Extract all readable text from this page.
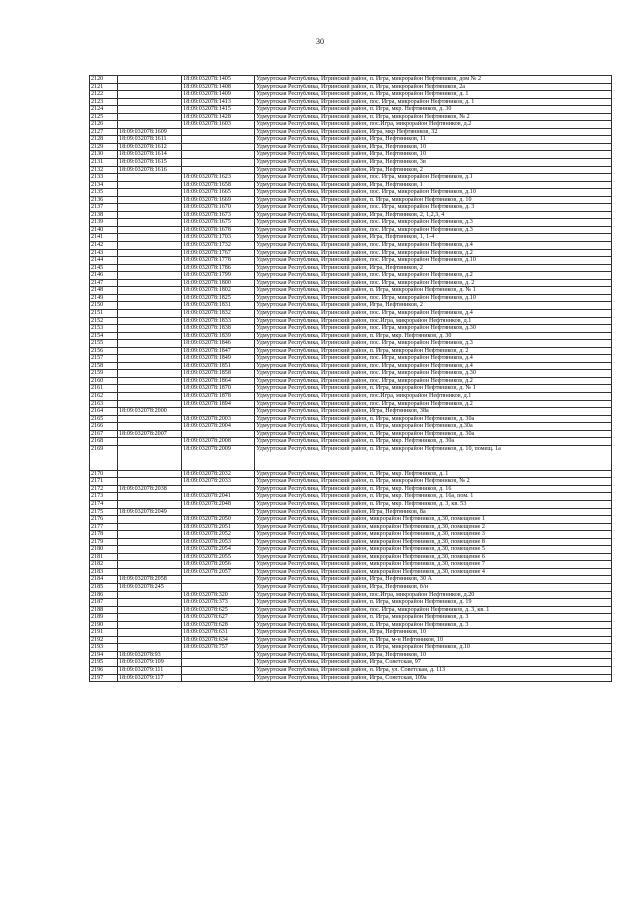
30
2120		18:09:032078:1405	Удмуртская Республика, Игринский район, п. Игра, микрорайон Нефтяников, дом № 2
2121		18:09:032078:1408	Удмуртская Республика, Игринский район, п. Игра, микрорайон Нефтяников, 2а
2122		18:09:032078:1409	Удмуртская Республика, Игринский район, п. Игра, микрорайон Нефтяников, д. 1
2123		18:09:032078:1413	Удмуртская Республика, Игринский район, пос. Игра, микрорайон Нефтяников, д. 1
2124		18:09:032078:1415	Удмуртская Республика, Игринский район, п. Игра, мкр. Нефтяников, д. 30
2125		18:09:032078:1428	Удмуртская Республика, Игринский район, п. Игра, микрорайон Нефтяников, № 2
2126		18:09:032078:1603	Удмуртская Республика, Игринский район, пос.Игра, микрорайон Нефтяников, д.2
2127	18:09:032078:1609		Удмуртская Республика, Игринский район, Игра, мкр Нефтяников, 32
2128	18:09:032078:1611		Удмуртская Республика, Игринский район, Игра, Нефтяников, 11
2129	18:09:032078:1612		Удмуртская Республика, Игринский район, Игра, Нефтяников, 10
2130	18:09:032078:1614		Удмуртская Республика, Игринский район, Игра, Нефтяников, 10
2131	18:09:032078:1615		Удмуртская Республика, Игринский район, Игра, Нефтяников, 3в
2132	18:09:032078:1616		Удмуртская Республика, Игринский район, Игра, Нефтяников, 2
2133		18:09:032078:1623	Удмуртская Республика, Игринский район, пос. Игра, микрорайон Нефтяников, д.1
2134		18:09:032078:1658	Удмуртская Республика, Игринский район, Игра, Нефтяников, 1
2135		18:09:032078:1665	Удмуртская Республика, Игринский район, пос. Игра, микрорайон Нефтяников, д.10
2136		18:09:032078:1669	Удмуртская Республика, Игринский район, п. Игра, микрорайон Нефтяников, д. 10
2137		18:09:032078:1670	Удмуртская Республика, Игринский район, пос. Игра, микрорайон Нефтяников, д. 3
2138		18:09:032078:1673	Удмуртская Республика, Игринский район, Игра, Нефтяников, 2, 1,2,3, 4
2139		18:09:032078:1675	Удмуртская Республика, Игринский район, пос. Игра, микрорайон Нефтяников, д.3
2140		18:09:032078:1678	Удмуртская Республика, Игринский район, пос. Игра, микрорайон Нефтяников, д.3
2141		18:09:032078:1703	Удмуртская Республика, Игринский район, Игра, Нефтяников, 1, 1-4
2142		18:09:032078:1732	Удмуртская Республика, Игринский район, пос. Игра, микрорайон Нефтяников, д.4
2143		18:09:032078:1767	Удмуртская Республика, Игринский район, пос. Игра, микрорайон Нефтяников, д.2
2144		18:09:032078:1778	Удмуртская Республика, Игринский район, пос. Игра, микрорайон Нефтяников, д.10
2145		18:09:032078:1786	Удмуртская Республика, Игринский район, Игра, Нефтяников, 2
2146		18:09:032078:1799	Удмуртская Республика, Игринский район, пос. Игра, микрорайон Нефтяников, д.2
2147		18:09:032078:1800	Удмуртская Республика, Игринский район, пос. Игра, микрорайон Нефтяников, д. 2
2148		18:09:032078:1802	Удмуртская Республика, Игринский район, п. Игра, микрорайон Нефтяников, д. № 1
2149		18:09:032078:1825	Удмуртская Республика, Игринский район, пос. Игра, микрорайон Нефтяников, д.10
2150		18:09:032078:1831	Удмуртская Республика, Игринский район, Игра, Нефтяников, 2
2151		18:09:032078:1832	Удмуртская Республика, Игринский район, пос. Игра, микрорайон Нефтяников, д.4
2152		18:09:032078:1833	Удмуртская Республика, Игринский район, пос.Игра, микрорайон Нефтяников, д.1
2153		18:09:032078:1838	Удмуртская Республика, Игринский район, пос. Игра, микрорайон Нефтяников, д.30
2154		18:09:032078:1839	Удмуртская Республика, Игринский район, п. Игра, мкр. Нефтяников, д. 30
2155		18:09:032078:1846	Удмуртская Республика, Игринский район, пос. Игра, микрорайон Нефтяников, д.3
2156		18:09:032078:1847	Удмуртская Республика, Игринский район, п. Игра, микрорайон Нефтяников, д. 2
2157		18:09:032078:1849	Удмуртская Республика, Игринский район, пос. Игра, микрорайон Нефтяников, д.4
2158		18:09:032078:1851	Удмуртская Республика, Игринский район, пос. Игра, микрорайон Нефтяников, д.4
2159		18:09:032078:1858	Удмуртская Республика, Игринский район, пос. Игра, микрорайон Нефтяников, д.30
2160		18:09:032078:1864	Удмуртская Республика, Игринский район, пос. Игра, микрорайон Нефтяников, д.2
2161		18:09:032078:1870	Удмуртская Республика, Игринский район, п. Игра, микрорайон Нефтяников, д. № 1
2162		18:09:032078:1878	Удмуртская Республика, Игринский район, пос.Игра, микрорайон Нефтяников, д.1
2163		18:09:032078:1894	Удмуртская Республика, Игринский район, пос. Игра, микрорайон Нефтяников, д.2
2164	18:09:032078:2000		Удмуртская Республика, Игринский район, Игра, Нефтяников, 38а
2165		18:09:032078:2003	Удмуртская Республика, Игринский район, п. Игра, микрорайон Нефтяников, д. 30а
2166		18:09:032078:2004	Удмуртская Республика, Игринский район, п. Игра, микрорайон Нефтяников, д.30а
2167	18:09:032078:2007		Удмуртская Республика, Игринский район, п. Игра, микрорайон Нефтяников, д. 30а
2168		18:09:032078:2008	Удмуртская Республика, Игринский район, п. Игра, мкр. Нефтяников, д. 30а
2169		18:09:032078:2009	Удмуртская Республика, Игринский район, п. Игра, микрорайон Нефтяников, д. 10, помещ. 1а
2170		18:09:032078:2032	Удмуртская Республика, Игринский район, п. Игра, мкр. Нефтяников, д. 1
2171		18:09:032078:2033	Удмуртская Республика, Игринский район, п. Игра, микрорайон Нефтяников, № 2
2172	18:09:032078:2038		Удмуртская Республика, Игринский район, п. Игра, мкр. Нефтяников, д. 16
2173		18:09:032078:2041	Удмуртская Республика, Игринский район, п. Игра, мкр. Нефтяников, д. 16а, пом. 1
2174		18:09:032078:2048	Удмуртская Республика, Игринский район, п. Игра, мкр. Нефтяников, д. 3, кв. 53
2175	18:09:032078:2049		Удмуртская Республика, Игринский район, Игра, Нефтяников, 8а
2176		18:09:032078:2050	Удмуртская Республика, Игринский район, микрорайон Нефтяников, д.30, помещение 1
2177		18:09:032078:2051	Удмуртская Республика, Игринский район, микрорайон Нефтяников, д.30, помещение 2
2178		18:09:032078:2052	Удмуртская Республика, Игринский район, микрорайон Нефтяников, д.30, помещение 3
2179		18:09:032078:2053	Удмуртская Республика, Игринский район, микрорайон Нефтяников, д.30, помещение 8
2180		18:09:032078:2054	Удмуртская Республика, Игринский район, микрорайон Нефтяников, д.30, помещение 5
2181		18:09:032078:2055	Удмуртская Республика, Игринский район, микрорайон Нефтяников, д.30, помещение 6
2182		18:09:032078:2056	Удмуртская Республика, Игринский район, микрорайон Нефтяников, д.30, помещение 7
2183		18:09:032078:2057	Удмуртская Республика, Игринский район, микрорайон Нефтяников, д.30, помещение 4
2184	18:09:032078:2058		Удмуртская Республика, Игринский район, Игра, Нефтяников, 30 А
2185	18:09:032078:245		Удмуртская Республика, Игринский район, Игра, Нефтяников, б/н
2186		18:09:032078:320	Удмуртская Республика, Игринский район, пос.Игра, микрорайон Нефтяников, д.20
2187		18:09:032078:373	Удмуртская Республика, Игринский район, п. Игра, микрорайон Нефтяников, д. 19
2188		18:09:032078:625	Удмуртская Республика, Игринский район, пос. Игра, микрорайон Нефтяников, д. 3, кв. 1
2189		18:09:032078:627	Удмуртская Республика, Игринский район, п. Игра, микрорайон Нефтяников, д. 3
2190		18:09:032078:628	Удмуртская Республика, Игринский район, п. Игра, микрорайон Нефтяников, д. 3
2191		18:09:032078:631	Удмуртская Республика, Игринский район, Игра, Нефтяников, 10
2192		18:09:032078:634	Удмуртская Республика, Игринский район, п. Игра, м-н Нефтяников, 10
2193		18:09:032078:757	Удмуртская Республика, Игринский район, п. Игра, микрорайон Нефтяников, д.10
2194	18:09:032078:93		Удмуртская Республика, Игринский район, Игра, Нефтяников, 10
2195	18:09:032079:109		Удмуртская Республика, Игринский район, Игра, Советская, 97
2196	18:09:032079:111		Удмуртская Республика, Игринский район, п. Игра, ул. Советская, д. 113
2197	18:09:032079:117		Удмуртская Республика, Игринский район, Игра, Советская, 109а
